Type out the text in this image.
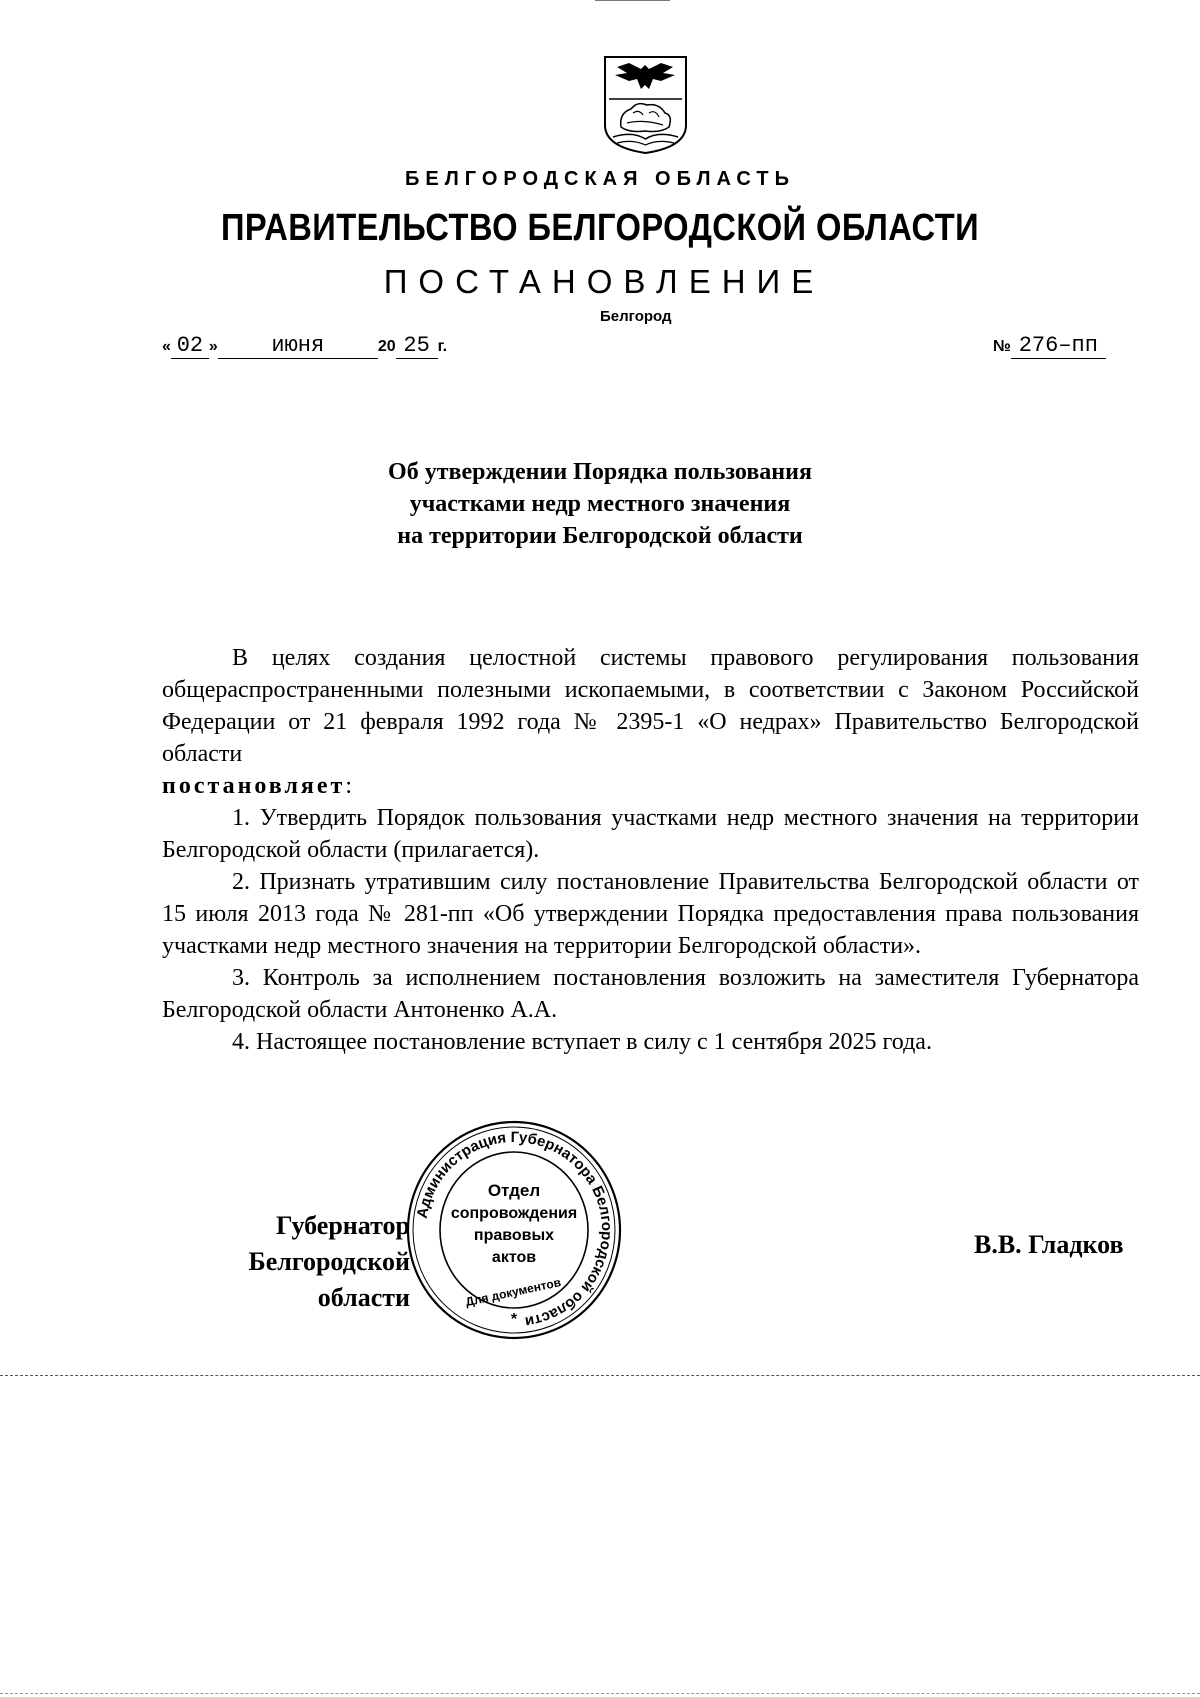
БЕЛГОРОДСКАЯ ОБЛАСТЬ
ПРАВИТЕЛЬСТВО БЕЛГОРОДСКОЙ ОБЛАСТИ
ПОСТАНОВЛЕНИЕ
Белгород
« 02 » июня	20 25 г.	№ 276–пп
Об утверждении Порядка пользования
участками недр местного значения
на территории Белгородской области

В целях создания целостной системы правового регулирования пользования общераспространенными полезными ископаемыми, в соответствии с Законом Российской Федерации от 21 февраля 1992 года № 2395-1 «О недрах» Правительство Белгородской области

постановляет:

1. Утвердить Порядок пользования участками недр местного значения на территории Белгородской области (прилагается).

2. Признать утратившим силу постановление Правительства Белгородской области от 15 июля 2013 года № 281-пп «Об утверждении Порядка предоставления права пользования участками недр местного значения на территории Белгородской области».

3. Контроль за исполнением постановления возложить на заместителя Губернатора Белгородской области Антоненко А.А.

4. Настоящее постановление вступает в силу с 1 сентября 2025 года.

Губернатор
Белгородской области
В.В. Гладков
Администрация Губернатора Белгородской области
Отдел
сопровождения
правовых
актов
Для документов
*
